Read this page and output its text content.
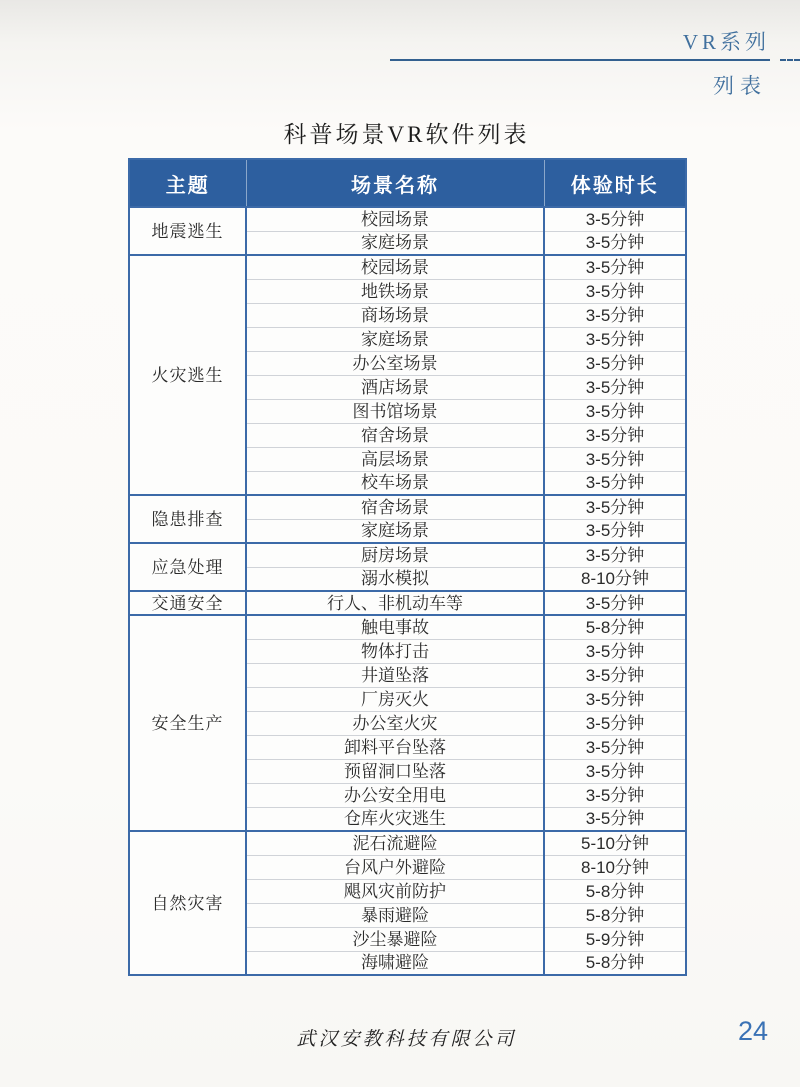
VR系列
列表
科普场景VR软件列表
主题	场景名称	体验时长
地震逃生	校园场景	3-5分钟
	家庭场景	3-5分钟
火灾逃生	校园场景	3-5分钟
	地铁场景	3-5分钟
	商场场景	3-5分钟
	家庭场景	3-5分钟
	办公室场景	3-5分钟
	酒店场景	3-5分钟
	图书馆场景	3-5分钟
	宿舍场景	3-5分钟
	高层场景	3-5分钟
	校车场景	3-5分钟
隐患排查	宿舍场景	3-5分钟
	家庭场景	3-5分钟
应急处理	厨房场景	3-5分钟
	溺水模拟	8-10分钟
交通安全	行人、非机动车等	3-5分钟
安全生产	触电事故	5-8分钟
	物体打击	3-5分钟
	井道坠落	3-5分钟
	厂房灭火	3-5分钟
	办公室火灾	3-5分钟
	卸料平台坠落	3-5分钟
	预留洞口坠落	3-5分钟
	办公安全用电	3-5分钟
	仓库火灾逃生	3-5分钟
自然灾害	泥石流避险	5-10分钟
	台风户外避险	8-10分钟
	飓风灾前防护	5-8分钟
	暴雨避险	5-8分钟
	沙尘暴避险	5-9分钟
	海啸避险	5-8分钟
武汉安教科技有限公司	24
